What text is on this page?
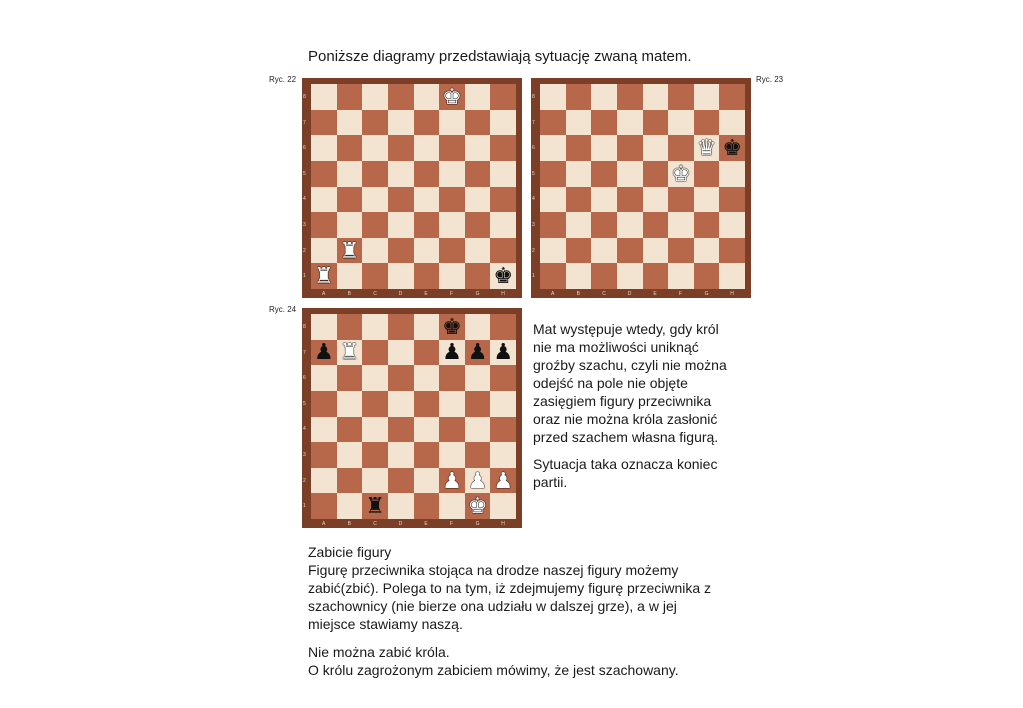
Poniższe diagramy przedstawiają sytuację zwaną matem.
Ryc. 22
♚
♜
♜	♚
8
7
6
5
4
3
2
1
A	B	C	D	E	F	G	H
Ryc. 23
♛ ♚
♚
8
7
6
5
4
3
2
1
A	B	C	D	E	F	G	H
Ryc. 24
♚
♟ ♜	♟ ♟ ♟
♟ ♟ ♟
♜	♚
8
7
6
5
4
3
2
1
A	B	C	D	E	F	G	H
Mat występuje wtedy, gdy król
nie ma możliwości uniknąć
groźby szachu, czyli nie można
odejść na pole nie objęte
zasięgiem figury przeciwnika
oraz nie można króla zasłonić
przed szachem własna figurą.
Sytuacja taka oznacza koniec
partii.
Zabicie figury
Figurę przeciwnika stojąca na drodze naszej figury możemy
zabić(zbić). Polega to na tym, iż zdejmujemy figurę przeciwnika z
szachownicy (nie bierze ona udziału w dalszej grze), a w jej
miejsce stawiamy naszą.
Nie można zabić króla.
O królu zagrożonym zabiciem mówimy, że jest szachowany.
